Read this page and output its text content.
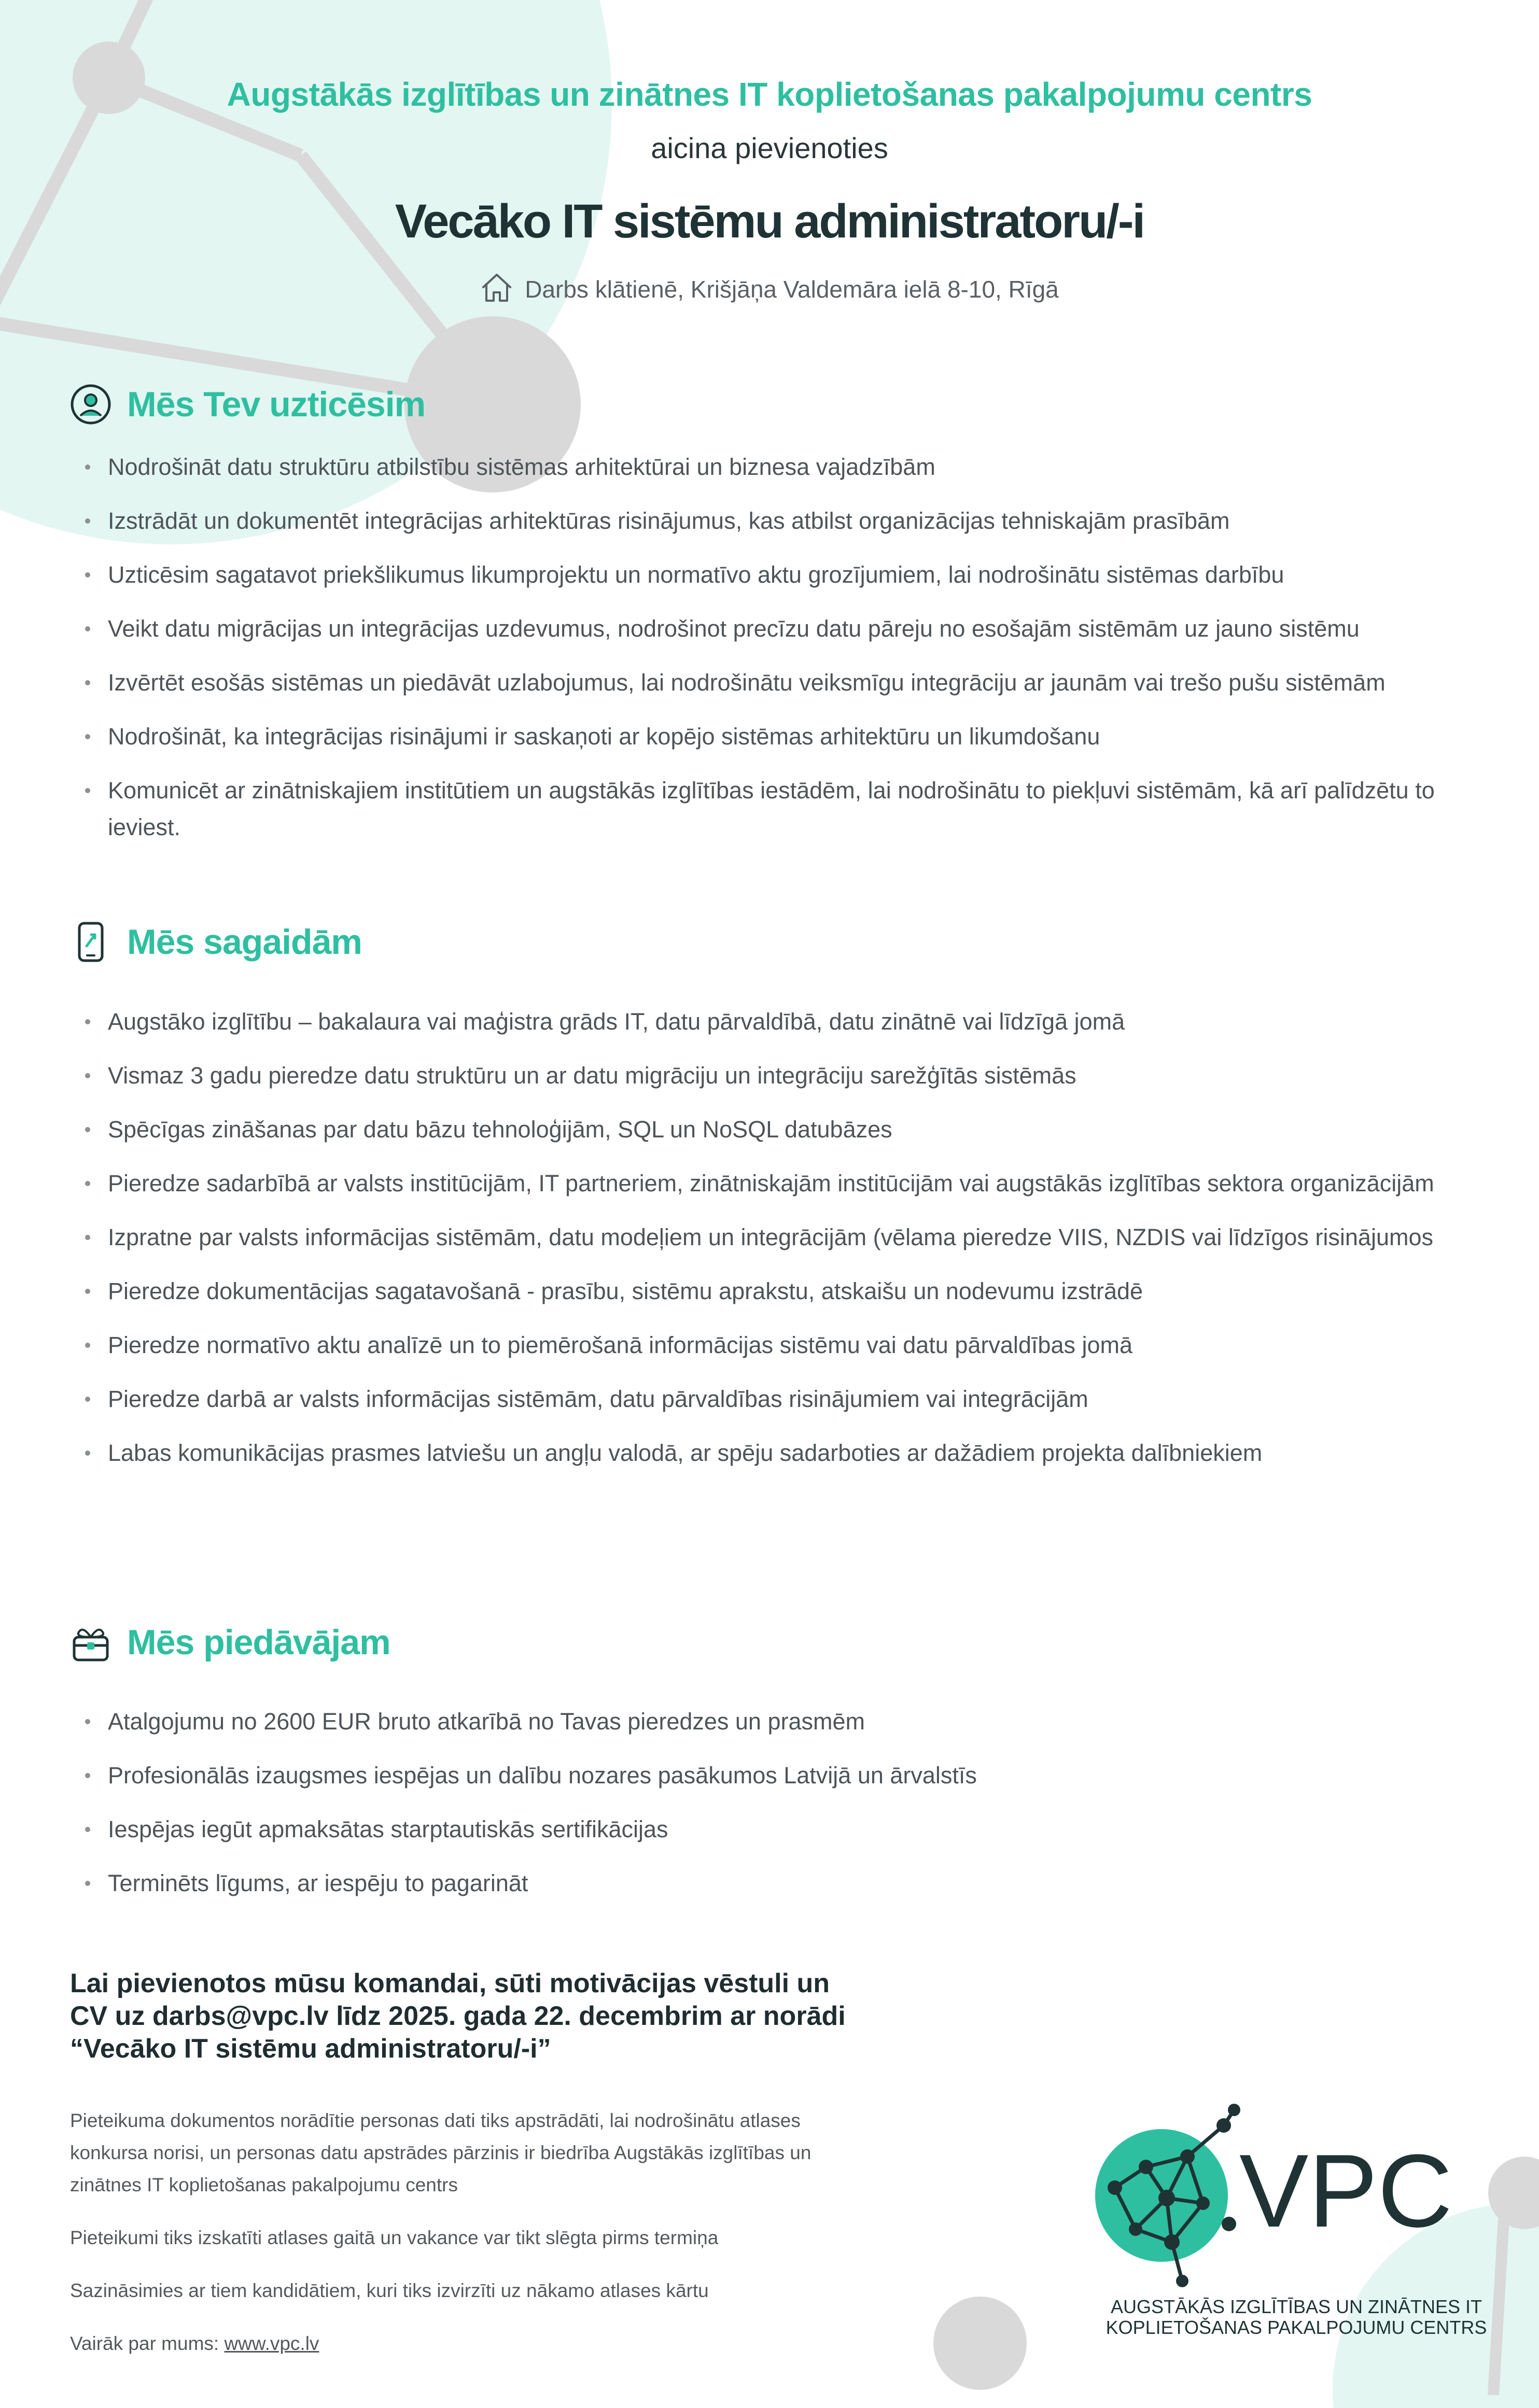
Augstākās izglītības un zinātnes IT koplietošanas pakalpojumu centrs
aicina pievienoties
Vecāko IT sistēmu administratoru/-i
Darbs klātienē, Krišjāņa Valdemāra ielā 8-10, Rīgā
Mēs Tev uzticēsim
Nodrošināt datu struktūru atbilstību sistēmas arhitektūrai un biznesa vajadzībām
Izstrādāt un dokumentēt integrācijas arhitektūras risinājumus, kas atbilst organizācijas tehniskajām prasībām
Uzticēsim sagatavot priekšlikumus likumprojektu un normatīvo aktu grozījumiem, lai nodrošinātu sistēmas darbību
Veikt datu migrācijas un integrācijas uzdevumus, nodrošinot precīzu datu pāreju no esošajām sistēmām uz jauno sistēmu
Izvērtēt esošās sistēmas un piedāvāt uzlabojumus, lai nodrošinātu veiksmīgu integrāciju ar jaunām vai trešo pušu sistēmām
Nodrošināt, ka integrācijas risinājumi ir saskaņoti ar kopējo sistēmas arhitektūru un likumdošanu
Komunicēt ar zinātniskajiem institūtiem un augstākās izglītības iestādēm, lai nodrošinātu to piekļuvi sistēmām, kā arī palīdzētu to ieviest.
Mēs sagaidām
Augstāko izglītību – bakalaura vai maģistra grāds IT, datu pārvaldībā, datu zinātnē vai līdzīgā jomā
Vismaz 3 gadu pieredze datu struktūru un ar datu migrāciju un integrāciju sarežģītās sistēmās
Spēcīgas zināšanas par datu bāzu tehnoloģijām, SQL un NoSQL datubāzes
Pieredze sadarbībā ar valsts institūcijām, IT partneriem, zinātniskajām institūcijām vai augstākās izglītības sektora organizācijām
Izpratne par valsts informācijas sistēmām, datu modeļiem un integrācijām (vēlama pieredze VIIS, NZDIS vai līdzīgos risinājumos
Pieredze dokumentācijas sagatavošanā - prasību, sistēmu aprakstu, atskaišu un nodevumu izstrādē
Pieredze normatīvo aktu analīzē un to piemērošanā informācijas sistēmu vai datu pārvaldības jomā
Pieredze darbā ar valsts informācijas sistēmām, datu pārvaldības risinājumiem vai integrācijām
Labas komunikācijas prasmes latviešu un angļu valodā, ar spēju sadarboties ar dažādiem projekta dalībniekiem
Mēs piedāvājam
Atalgojumu no 2600 EUR bruto atkarībā no Tavas pieredzes un prasmēm
Profesionālās izaugsmes iespējas un dalību nozares pasākumos Latvijā un ārvalstīs
Iespējas iegūt apmaksātas starptautiskās sertifikācijas
Terminēts līgums, ar iespēju to pagarināt
Lai pievienotos mūsu komandai, sūti motivācijas vēstuli un CV uz darbs@vpc.lv līdz 2025. gada 22. decembrim ar norādi “Vecāko IT sistēmu administratoru/-i”

Pieteikuma dokumentos norādītie personas dati tiks apstrādāti, lai nodrošinātu atlases konkursa norisi, un personas datu apstrādes pārzinis ir biedrība Augstākās izglītības un zinātnes IT koplietošanas pakalpojumu centrs

Pieteikumi tiks izskatīti atlases gaitā un vakance var tikt slēgta pirms termiņa

Sazināsimies ar tiem kandidātiem, kuri tiks izvirzīti uz nākamo atlases kārtu

Vairāk par mums: www.vpc.lv

VPC
AUGSTĀKĀS IZGLĪTĪBAS UN ZINĀTNES IT
KOPLIETOŠANAS PAKALPOJUMU CENTRS
